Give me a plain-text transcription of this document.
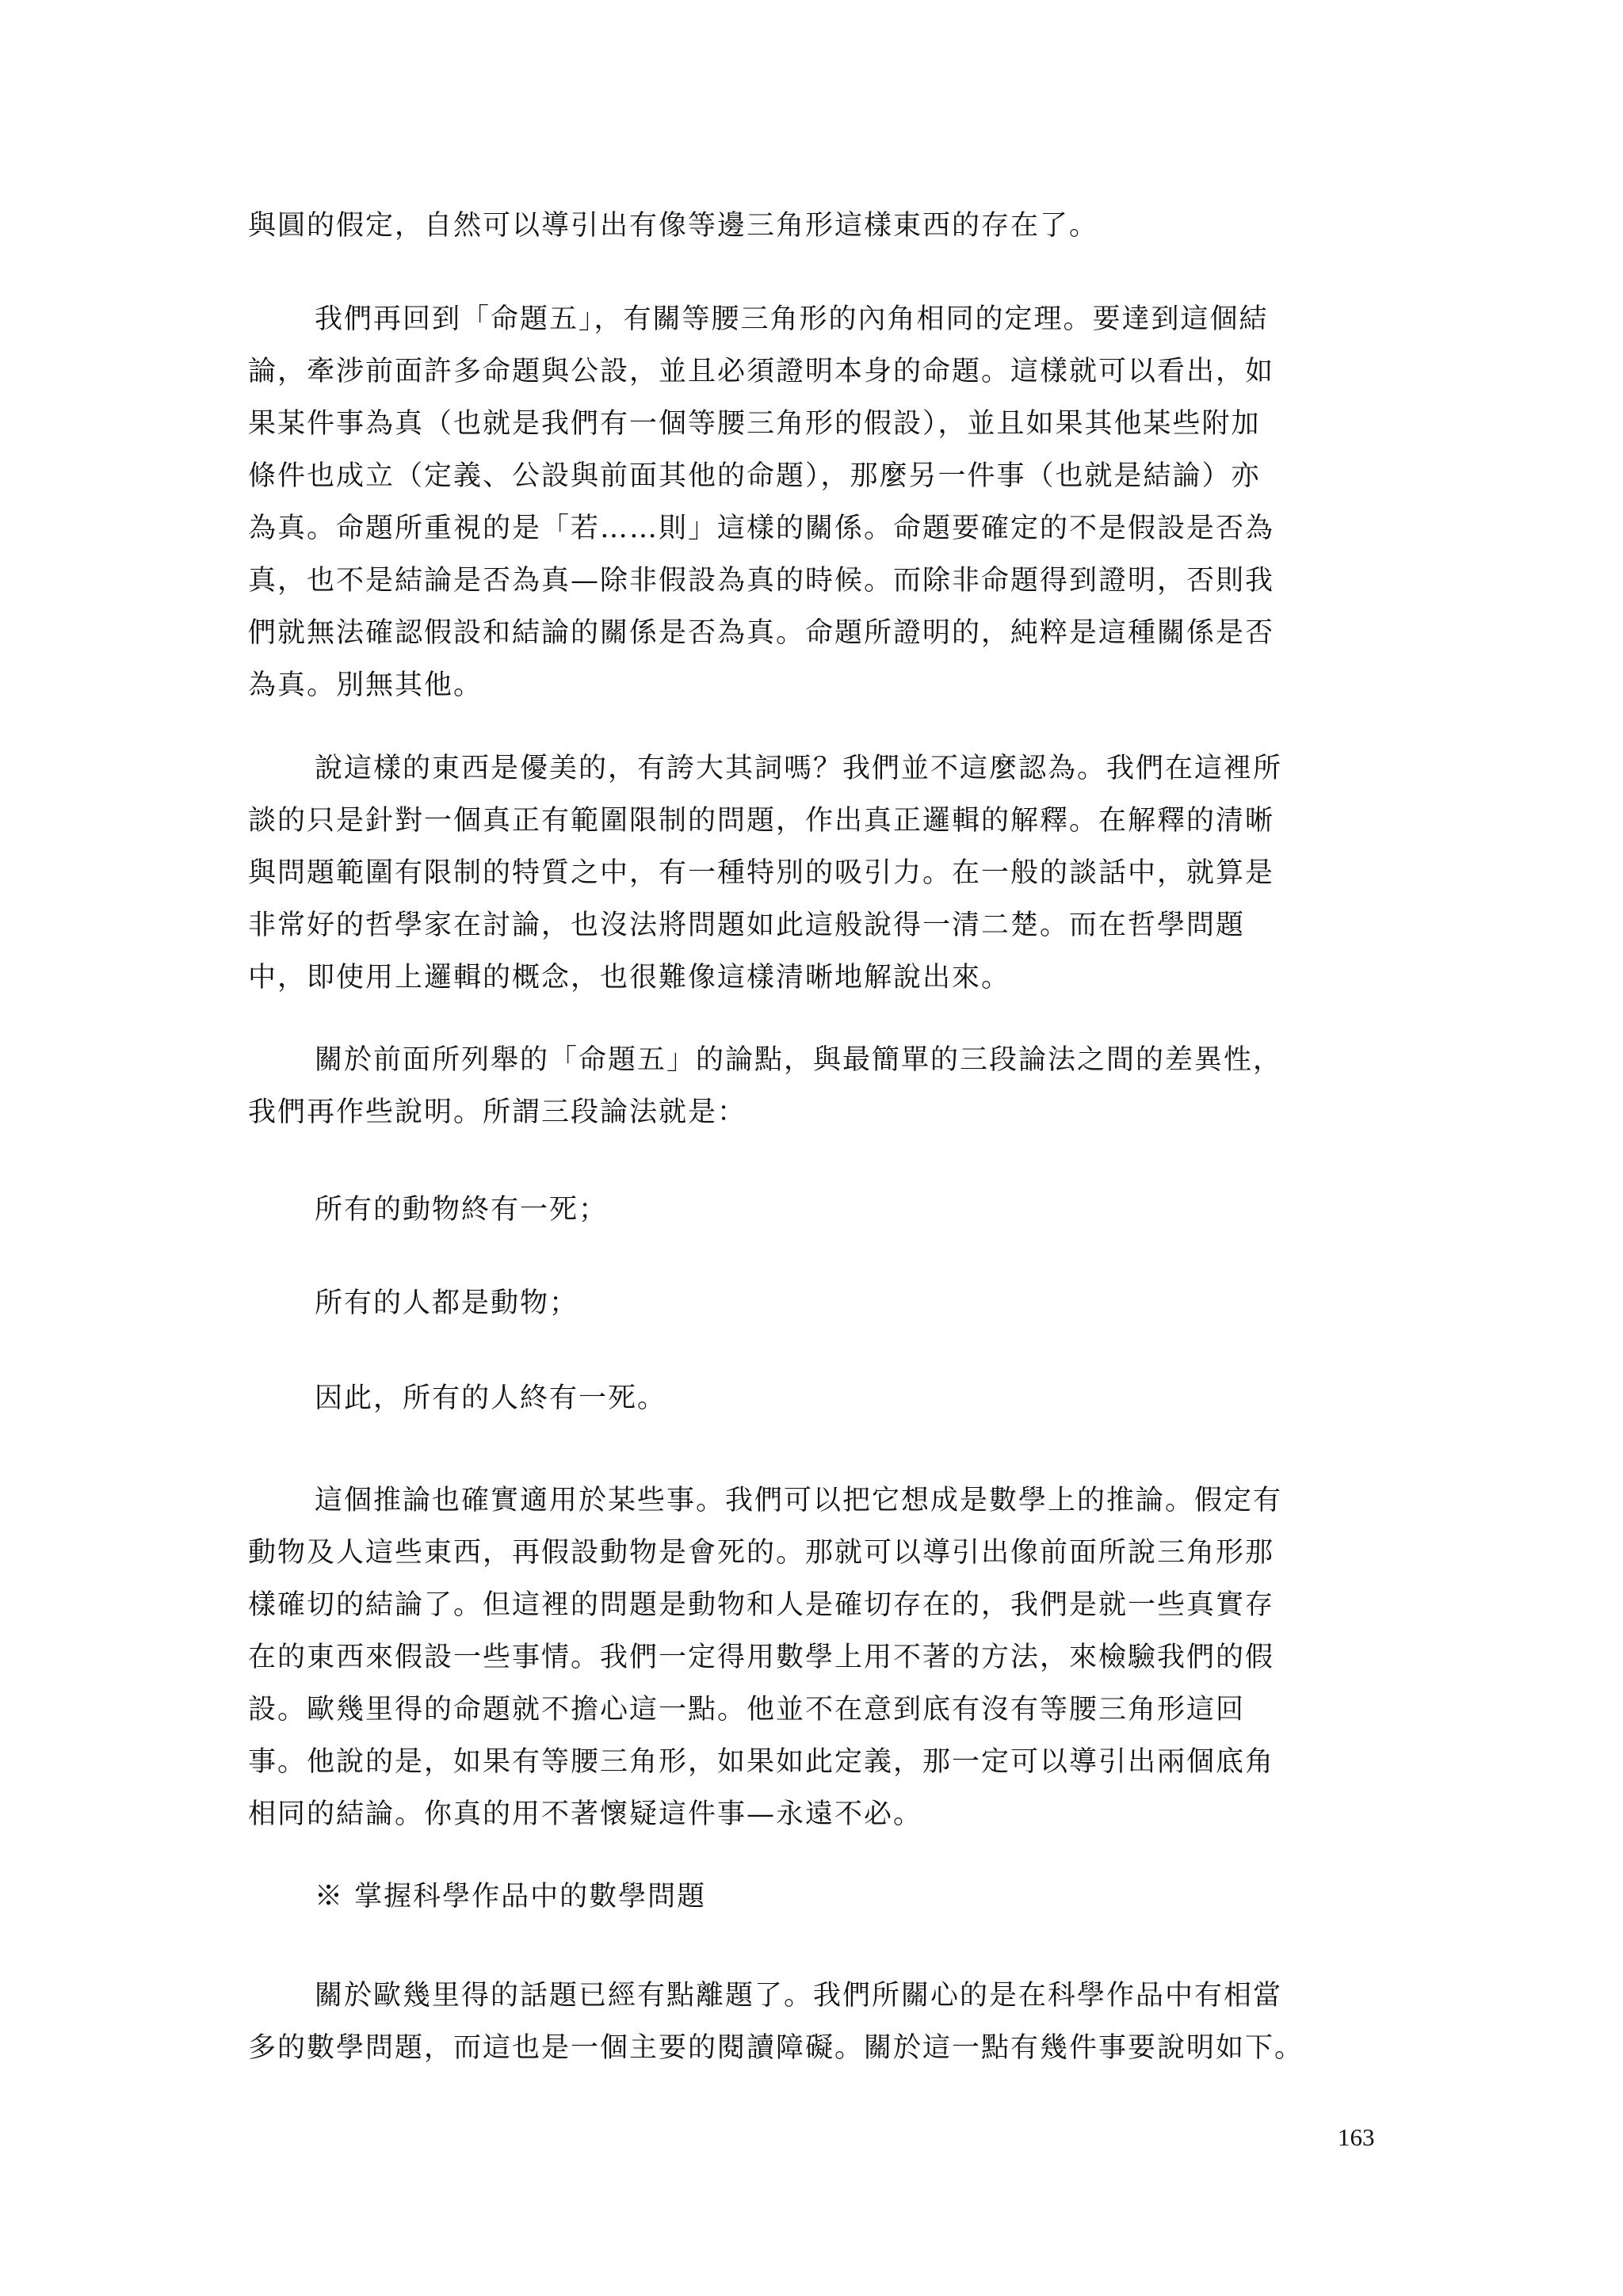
與圓的假定，自然可以導引出有像等邊三角形這樣東西的存在了。
我們再回到「命題五」，有關等腰三角形的內角相同的定理。要達到這個結
論，牽涉前面許多命題與公設，並且必須證明本身的命題。這樣就可以看出，如
果某件事為真（也就是我們有一個等腰三角形的假設），並且如果其他某些附加
條件也成立（定義、公設與前面其他的命題），那麼另一件事（也就是結論）亦
為真。命題所重視的是「若……則」這樣的關係。命題要確定的不是假設是否為
真，也不是結論是否為真—除非假設為真的時候。而除非命題得到證明，否則我
們就無法確認假設和結論的關係是否為真。命題所證明的，純粹是這種關係是否
為真。別無其他。
說這樣的東西是優美的，有誇大其詞嗎？我們並不這麼認為。我們在這裡所
談的只是針對一個真正有範圍限制的問題，作出真正邏輯的解釋。在解釋的清晰
與問題範圍有限制的特質之中，有一種特別的吸引力。在一般的談話中，就算是
非常好的哲學家在討論，也沒法將問題如此這般說得一清二楚。而在哲學問題
中，即使用上邏輯的概念，也很難像這樣清晰地解說出來。
關於前面所列舉的「命題五」的論點，與最簡單的三段論法之間的差異性，
我們再作些說明。所謂三段論法就是：
所有的動物終有一死；
所有的人都是動物；
因此，所有的人終有一死。
這個推論也確實適用於某些事。我們可以把它想成是數學上的推論。假定有
動物及人這些東西，再假設動物是會死的。那就可以導引出像前面所說三角形那
樣確切的結論了。但這裡的問題是動物和人是確切存在的，我們是就一些真實存
在的東西來假設一些事情。我們一定得用數學上用不著的方法，來檢驗我們的假
設。歐幾里得的命題就不擔心這一點。他並不在意到底有沒有等腰三角形這回
事。他說的是，如果有等腰三角形，如果如此定義，那一定可以導引出兩個底角
相同的結論。你真的用不著懷疑這件事—永遠不必。
※ 掌握科學作品中的數學問題
關於歐幾里得的話題已經有點離題了。我們所關心的是在科學作品中有相當
多的數學問題，而這也是一個主要的閱讀障礙。關於這一點有幾件事要說明如下。
163
